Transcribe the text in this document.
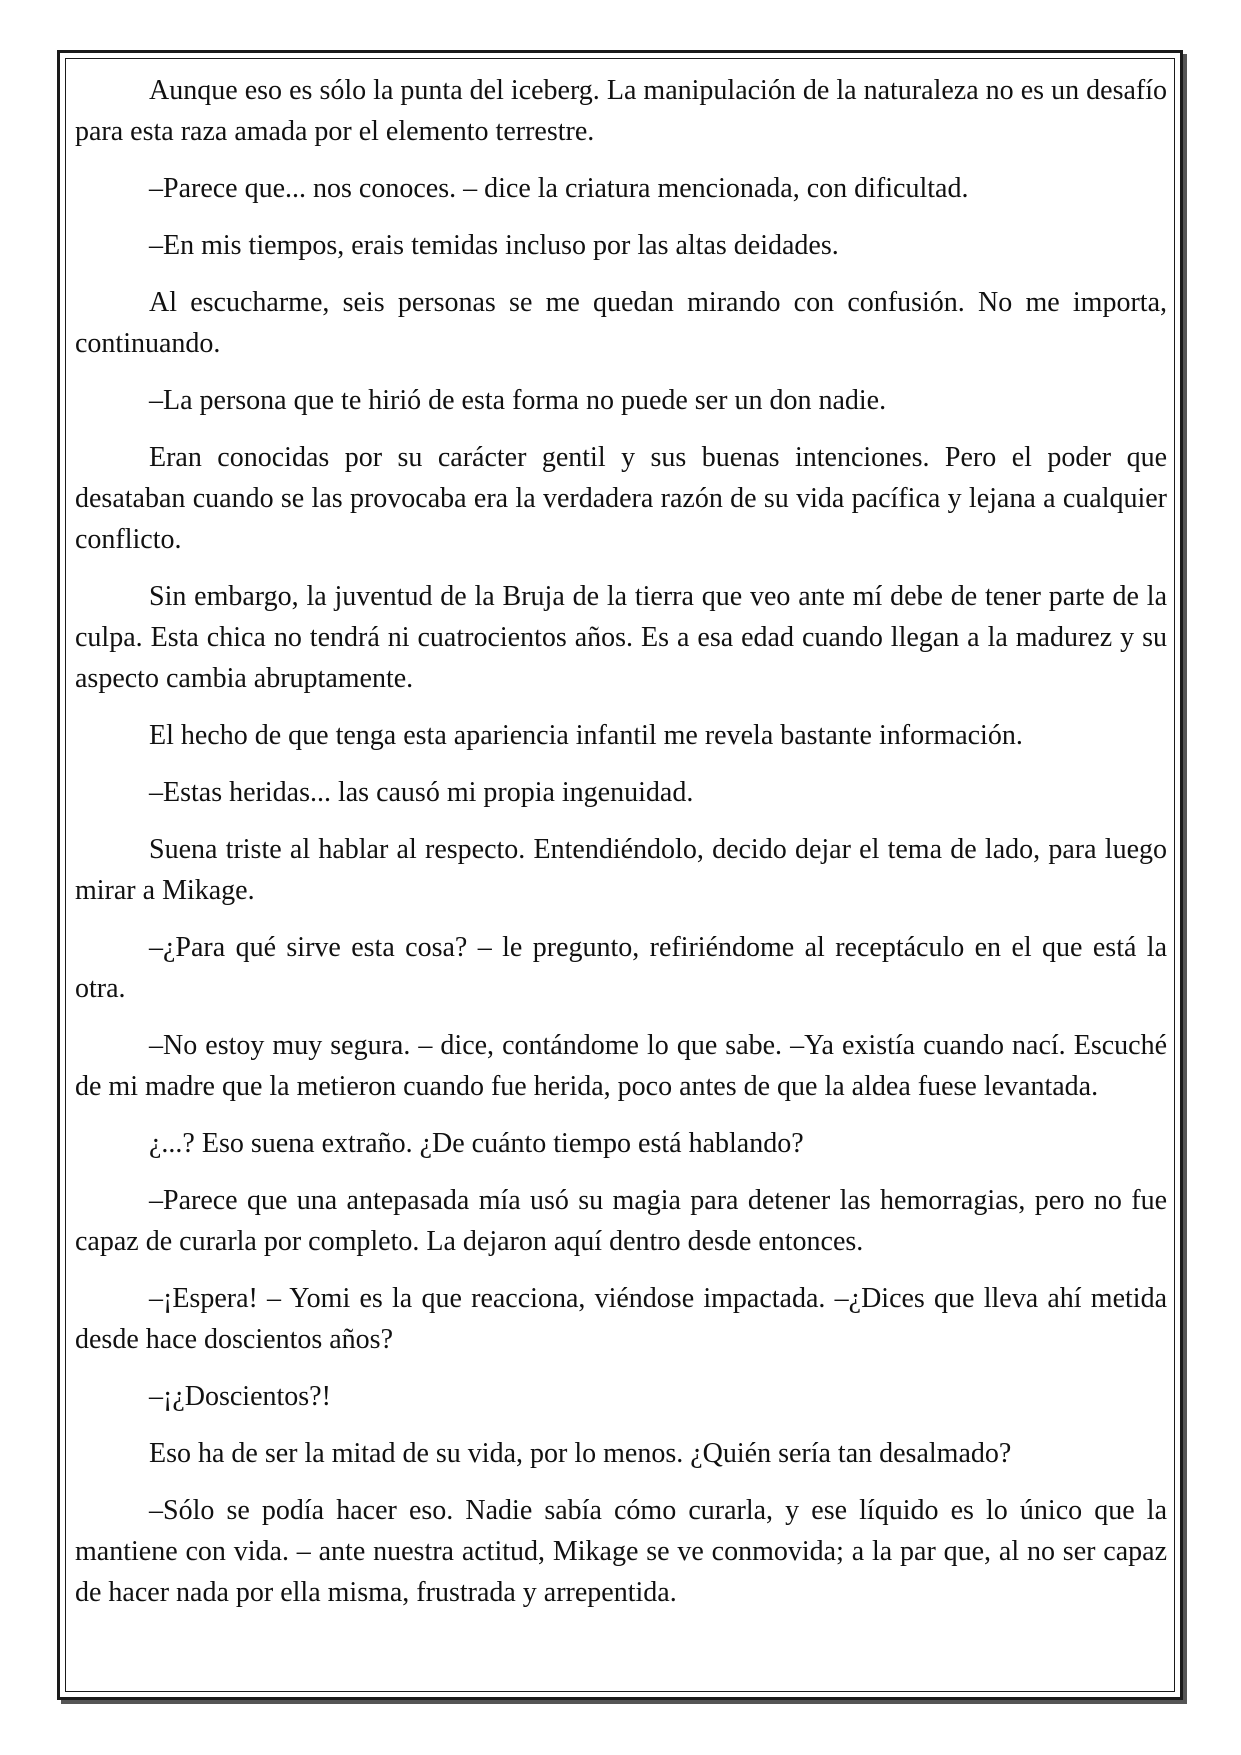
Aunque eso es sólo la punta del iceberg. La manipulación de la naturaleza no es un desafío para esta raza amada por el elemento terrestre.

–Parece que... nos conoces. – dice la criatura mencionada, con dificultad.

–En mis tiempos, erais temidas incluso por las altas deidades.

Al escucharme, seis personas se me quedan mirando con confusión. No me importa, continuando.

–La persona que te hirió de esta forma no puede ser un don nadie.

Eran conocidas por su carácter gentil y sus buenas intenciones. Pero el poder que desataban cuando se las provocaba era la verdadera razón de su vida pacífica y lejana a cualquier conflicto.

Sin embargo, la juventud de la Bruja de la tierra que veo ante mí debe de tener parte de la culpa. Esta chica no tendrá ni cuatrocientos años. Es a esa edad cuando llegan a la madurez y su aspecto cambia abruptamente.

El hecho de que tenga esta apariencia infantil me revela bastante información.

–Estas heridas... las causó mi propia ingenuidad.

Suena triste al hablar al respecto. Entendiéndolo, decido dejar el tema de lado, para luego mirar a Mikage.

–¿Para qué sirve esta cosa? – le pregunto, refiriéndome al receptáculo en el que está la otra.

–No estoy muy segura. – dice, contándome lo que sabe. –Ya existía cuando nací. Escuché de mi madre que la metieron cuando fue herida, poco antes de que la aldea fuese levantada.

¿...? Eso suena extraño. ¿De cuánto tiempo está hablando?

–Parece que una antepasada mía usó su magia para detener las hemorragias, pero no fue capaz de curarla por completo. La dejaron aquí dentro desde entonces.

–¡Espera! – Yomi es la que reacciona, viéndose impactada. –¿Dices que lleva ahí metida desde hace doscientos años?

–¡¿Doscientos?!

Eso ha de ser la mitad de su vida, por lo menos. ¿Quién sería tan desalmado?

–Sólo se podía hacer eso. Nadie sabía cómo curarla, y ese líquido es lo único que la mantiene con vida. – ante nuestra actitud, Mikage se ve conmovida; a la par que, al no ser capaz de hacer nada por ella misma, frustrada y arrepentida.
